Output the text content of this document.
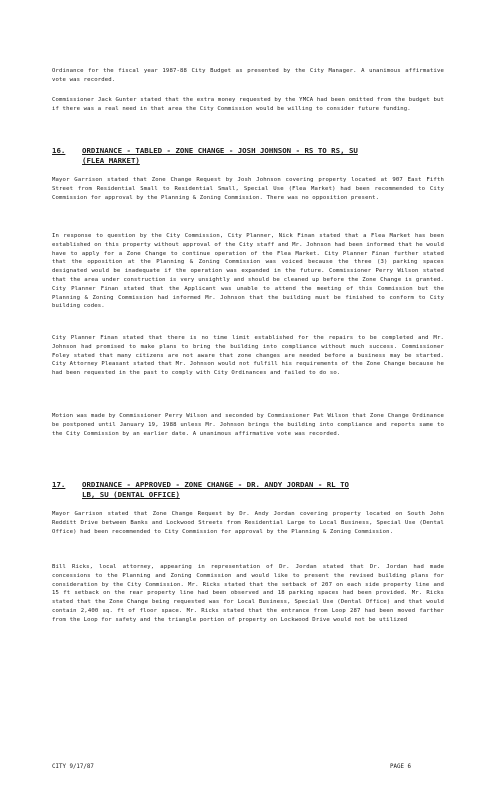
Ordinance for the fiscal year 1987-88 City Budget as presented by the City Manager. A unanimous affirmative vote was recorded.

Commissioner Jack Gunter stated that the extra money requested by the YMCA had been omitted from the budget but if there was a real need in that area the City Commission would be willing to consider future funding.

16. ORDINANCE - TABLED - ZONE CHANGE - JOSH JOHNSON - RS TO RS, SU
(FLEA MARKET)

Mayor Garrison stated that Zone Change Request by Josh Johnson covering property located at 907 East Fifth Street from Residential Small to Residential Small, Special Use (Flea Market) had been recommended to City Commission for approval by the Planning & Zoning Commission. There was no opposition present.

In response to question by the City Commission, City Planner, Nick Finan stated that a Flea Market has been established on this property without approval of the City staff and Mr. Johnson had been informed that he would have to apply for a Zone Change to continue operation of the Flea Market. City Planner Finan further stated that the opposition at the Planning & Zoning Commission was voiced because the three (3) parking spaces designated would be inadequate if the operation was expanded in the future. Commissioner Perry Wilson stated that the area under construction is very unsightly and should be cleaned up before the Zone Change is granted. City Planner Finan stated that the Applicant was unable to attend the meeting of this Commission but the Planning & Zoning Commission had informed Mr. Johnson that the building must be finished to conform to City building codes.

City Planner Finan stated that there is no time limit established for the repairs to be completed and Mr. Johnson had promised to make plans to bring the building into compliance without much success. Commissioner Foley stated that many citizens are not aware that zone changes are needed before a business may be started. City Attorney Pleasant stated that Mr. Johnson would not fulfill his requirements of the Zone Change because he had been requested in the past to comply with City Ordinances and failed to do so.

Motion was made by Commissioner Perry Wilson and seconded by Commissioner Pat Wilson that Zone Change Ordinance be postponed until January 19, 1988 unless Mr. Johnson brings the building into compliance and reports same to the City Commission by an earlier date. A unanimous affirmative vote was recorded.

17. ORDINANCE - APPROVED - ZONE CHANGE - DR. ANDY JORDAN - RL TO
LB, SU (DENTAL OFFICE)

Mayor Garrison stated that Zone Change Request by Dr. Andy Jordan covering property located on South John Redditt Drive between Banks and Lockwood Streets from Residential Large to Local Business, Special Use (Dental Office) had been recommended to City Commission for approval by the Planning & Zoning Commission.

Bill Ricks, local attorney, appearing in representation of Dr. Jordan stated that Dr. Jordan had made concessions to the Planning and Zoning Commission and would like to present the revised building plans for consideration by the City Commission. Mr. Ricks stated that the setback of 207 on each side property line and 15 ft setback on the rear property line had been observed and 18 parking spaces had been provided. Mr. Ricks stated that the Zone Change being requested was for Local Business, Special Use (Dental Office) and that would contain 2,400 sq. ft of floor space. Mr. Ricks stated that the entrance from Loop 287 had been moved farther from the Loop for safety and the triangle portion of property on Lockwood Drive would not be utilized

CITY 9/17/87	PAGE 6
